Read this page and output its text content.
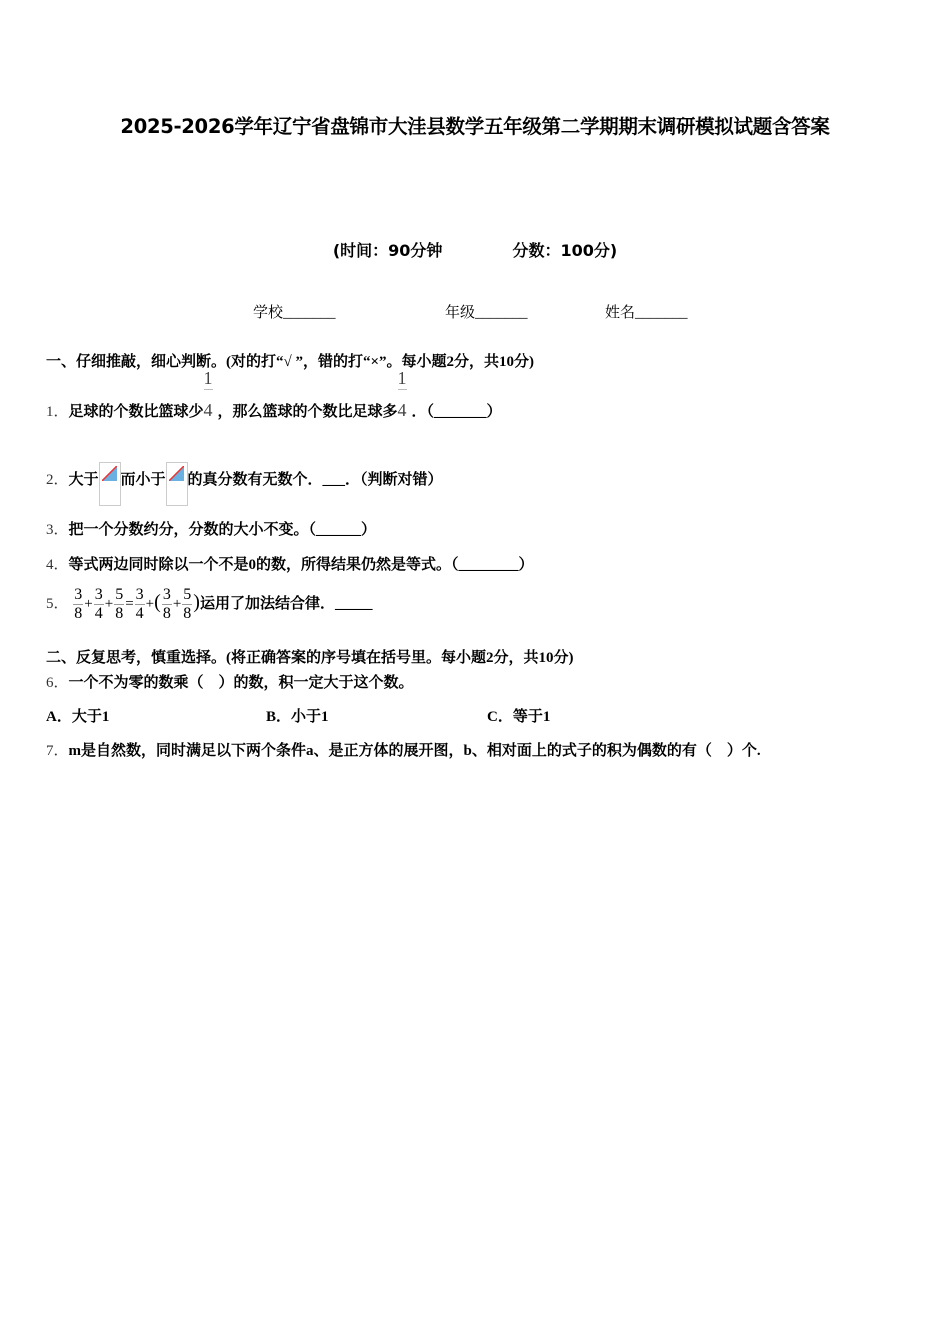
2025-2026学年辽宁省盘锦市大洼县数学五年级第二学期期末调研模拟试题含答案
(时间：90分钟	分数：100分)
学校_______	年级_______	姓名_______
一、仔细推敲，细心判断。(对的打“√ ”，错的打“×”。每小题2分，共10分)
1．足球的个数比篮球少 $\frac{1}{4}$，那么篮球的个数比足球多 $\frac{1}{4}$．（_______）
2．大于 而小于 的真分数有无数个．___．（判断对错）
3．把一个分数约分，分数的大小不变。（______）
4．等式两边同时除以一个不是0的数，所得结果仍然是等式。（________）
5． $\frac{3}{8} + \frac{3}{4} + \frac{5}{8} = \frac{3}{4}$ +( $\frac{3}{8} + \frac{5}{8}$ )运用了加法结合律．_____
二、反复思考，慎重选择。(将正确答案的序号填在括号里。每小题2分，共10分)
6．一个不为零的数乘（　）的数，积一定大于这个数。
A．大于1	B．小于1	C．等于1
7．m是自然数，同时满足以下两个条件a、是正方体的展开图，b、相对面上的式子的积为偶数的有（　）个.
